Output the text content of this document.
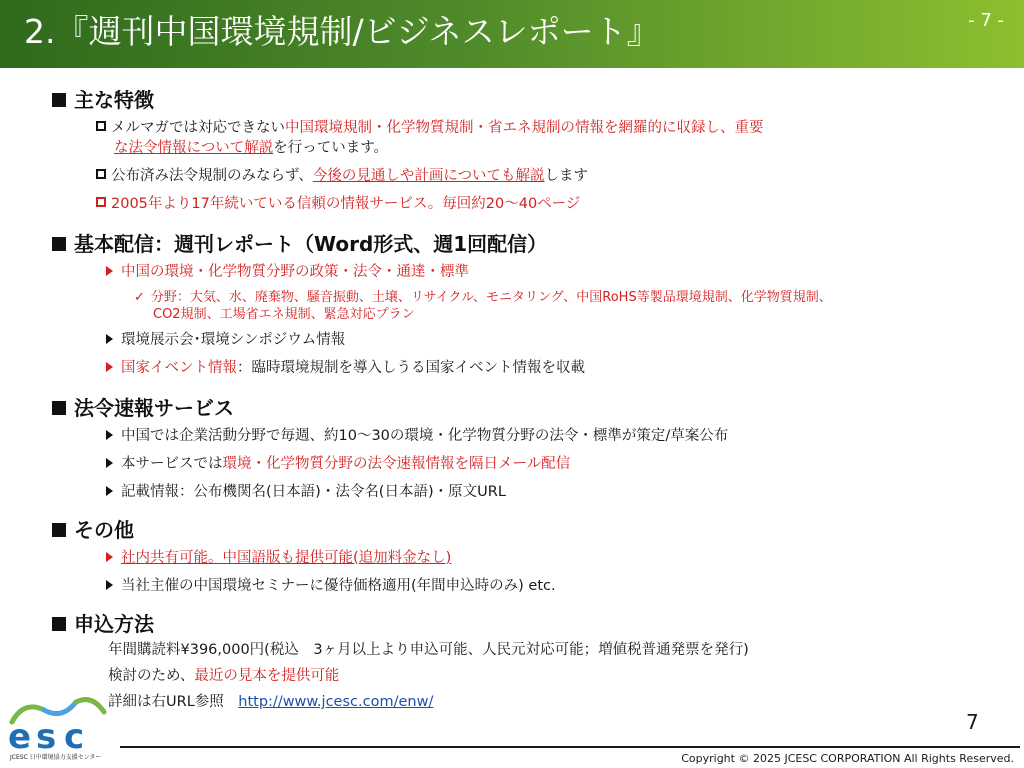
2.『週刊中国環境規制/ビジネスレポート』	- 7 -
主な特徴
メルマガでは対応できない中国環境規制・化学物質規制・省エネ規制の情報を網羅的に収録し、重要
な法令情報について解説を行っています。
公布済み法令規制のみならず、今後の見通しや計画についても解説します
2005年より17年続いている信頼の情報サービス。毎回約20～40ページ
基本配信：週刊レポート（Word形式、週1回配信）
中国の環境・化学物質分野の政策・法令・通達・標準
✓ 分野：大気、水、廃棄物、騒音振動、土壌、リサイクル、モニタリング、中国RoHS等製品環境規制、化学物質規制、
CO2規制、工場省エネ規制、緊急対応プラン
環境展示会･環境シンポジウム情報
国家イベント情報：臨時環境規制を導入しうる国家イベント情報を収載
法令速報サービス
中国では企業活動分野で毎週、約10～30の環境・化学物質分野の法令・標準が策定/草案公布
本サービスでは環境・化学物質分野の法令速報情報を隔日メール配信
記載情報：公布機関名(日本語)・法令名(日本語)・原文URL
その他
社内共有可能。中国語版も提供可能(追加料金なし)
当社主催の中国環境セミナーに優待価格適用(年間申込時のみ) etc.
申込方法
年間購読料¥396,000円(税込　3ヶ月以上より申込可能、人民元対応可能；増値税普通発票を発行)
検討のため、最近の見本を提供可能
詳細は右URL参照　http://www.jcesc.com/enw/
e s c
JCESC 日中環境協力支援センター
7
Copyright © 2025 JCESC CORPORATION All Rights Reserved.
